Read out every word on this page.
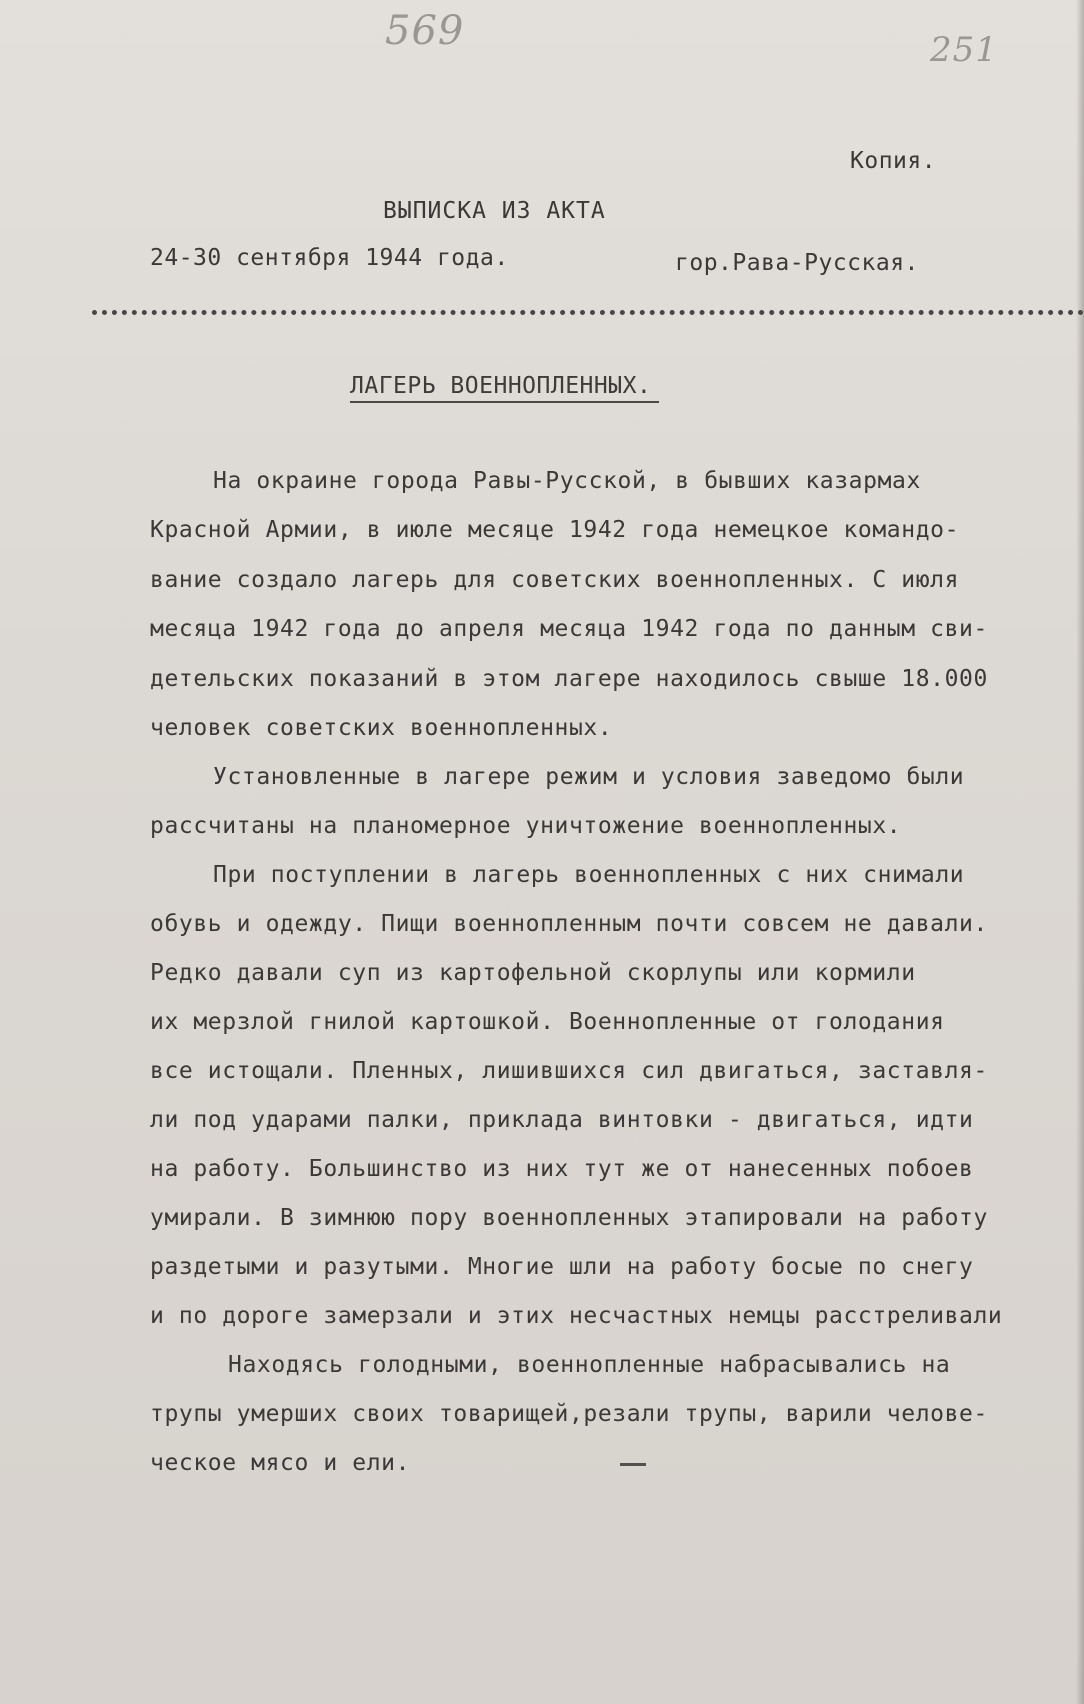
569	251
Копия.
ВЫПИСКА ИЗ АКТА
24-30 сентября 1944 года.	гор.Рава-Русская.
ЛАГЕРЬ ВОЕННОПЛЕННЫХ.
На окраине города Равы-Русской, в бывших казармах
Красной Армии, в июле месяце 1942 года немецкое командо-
вание создало лагерь для советских военнопленных. С июля
месяца 1942 года до апреля месяца 1942 года по данным сви-
детельских показаний в этом лагере находилось свыше 18.000
человек советских военнопленных.
Установленные в лагере режим и условия заведомо были
рассчитаны на планомерное уничтожение военнопленных.
При поступлении в лагерь военнопленных с них снимали
обувь и одежду. Пищи военнопленным почти совсем не давали.
Редко давали суп из картофельной скорлупы или кормили
их мерзлой гнилой картошкой. Военнопленные от голодания
все истощали. Пленных, лишившихся сил двигаться, заставля-
ли под ударами палки, приклада винтовки - двигаться, идти
на работу. Большинство из них тут же от нанесенных побоев
умирали. В зимнюю пору военнопленных этапировали на работу
раздетыми и разутыми. Многие шли на работу босые по снегу
и по дороге замерзали и этих несчастных немцы расстреливали
Находясь голодными, военнопленные набрасывались на
трупы умерших своих товарищей,резали трупы, варили челове-
ческое мясо и ели.
